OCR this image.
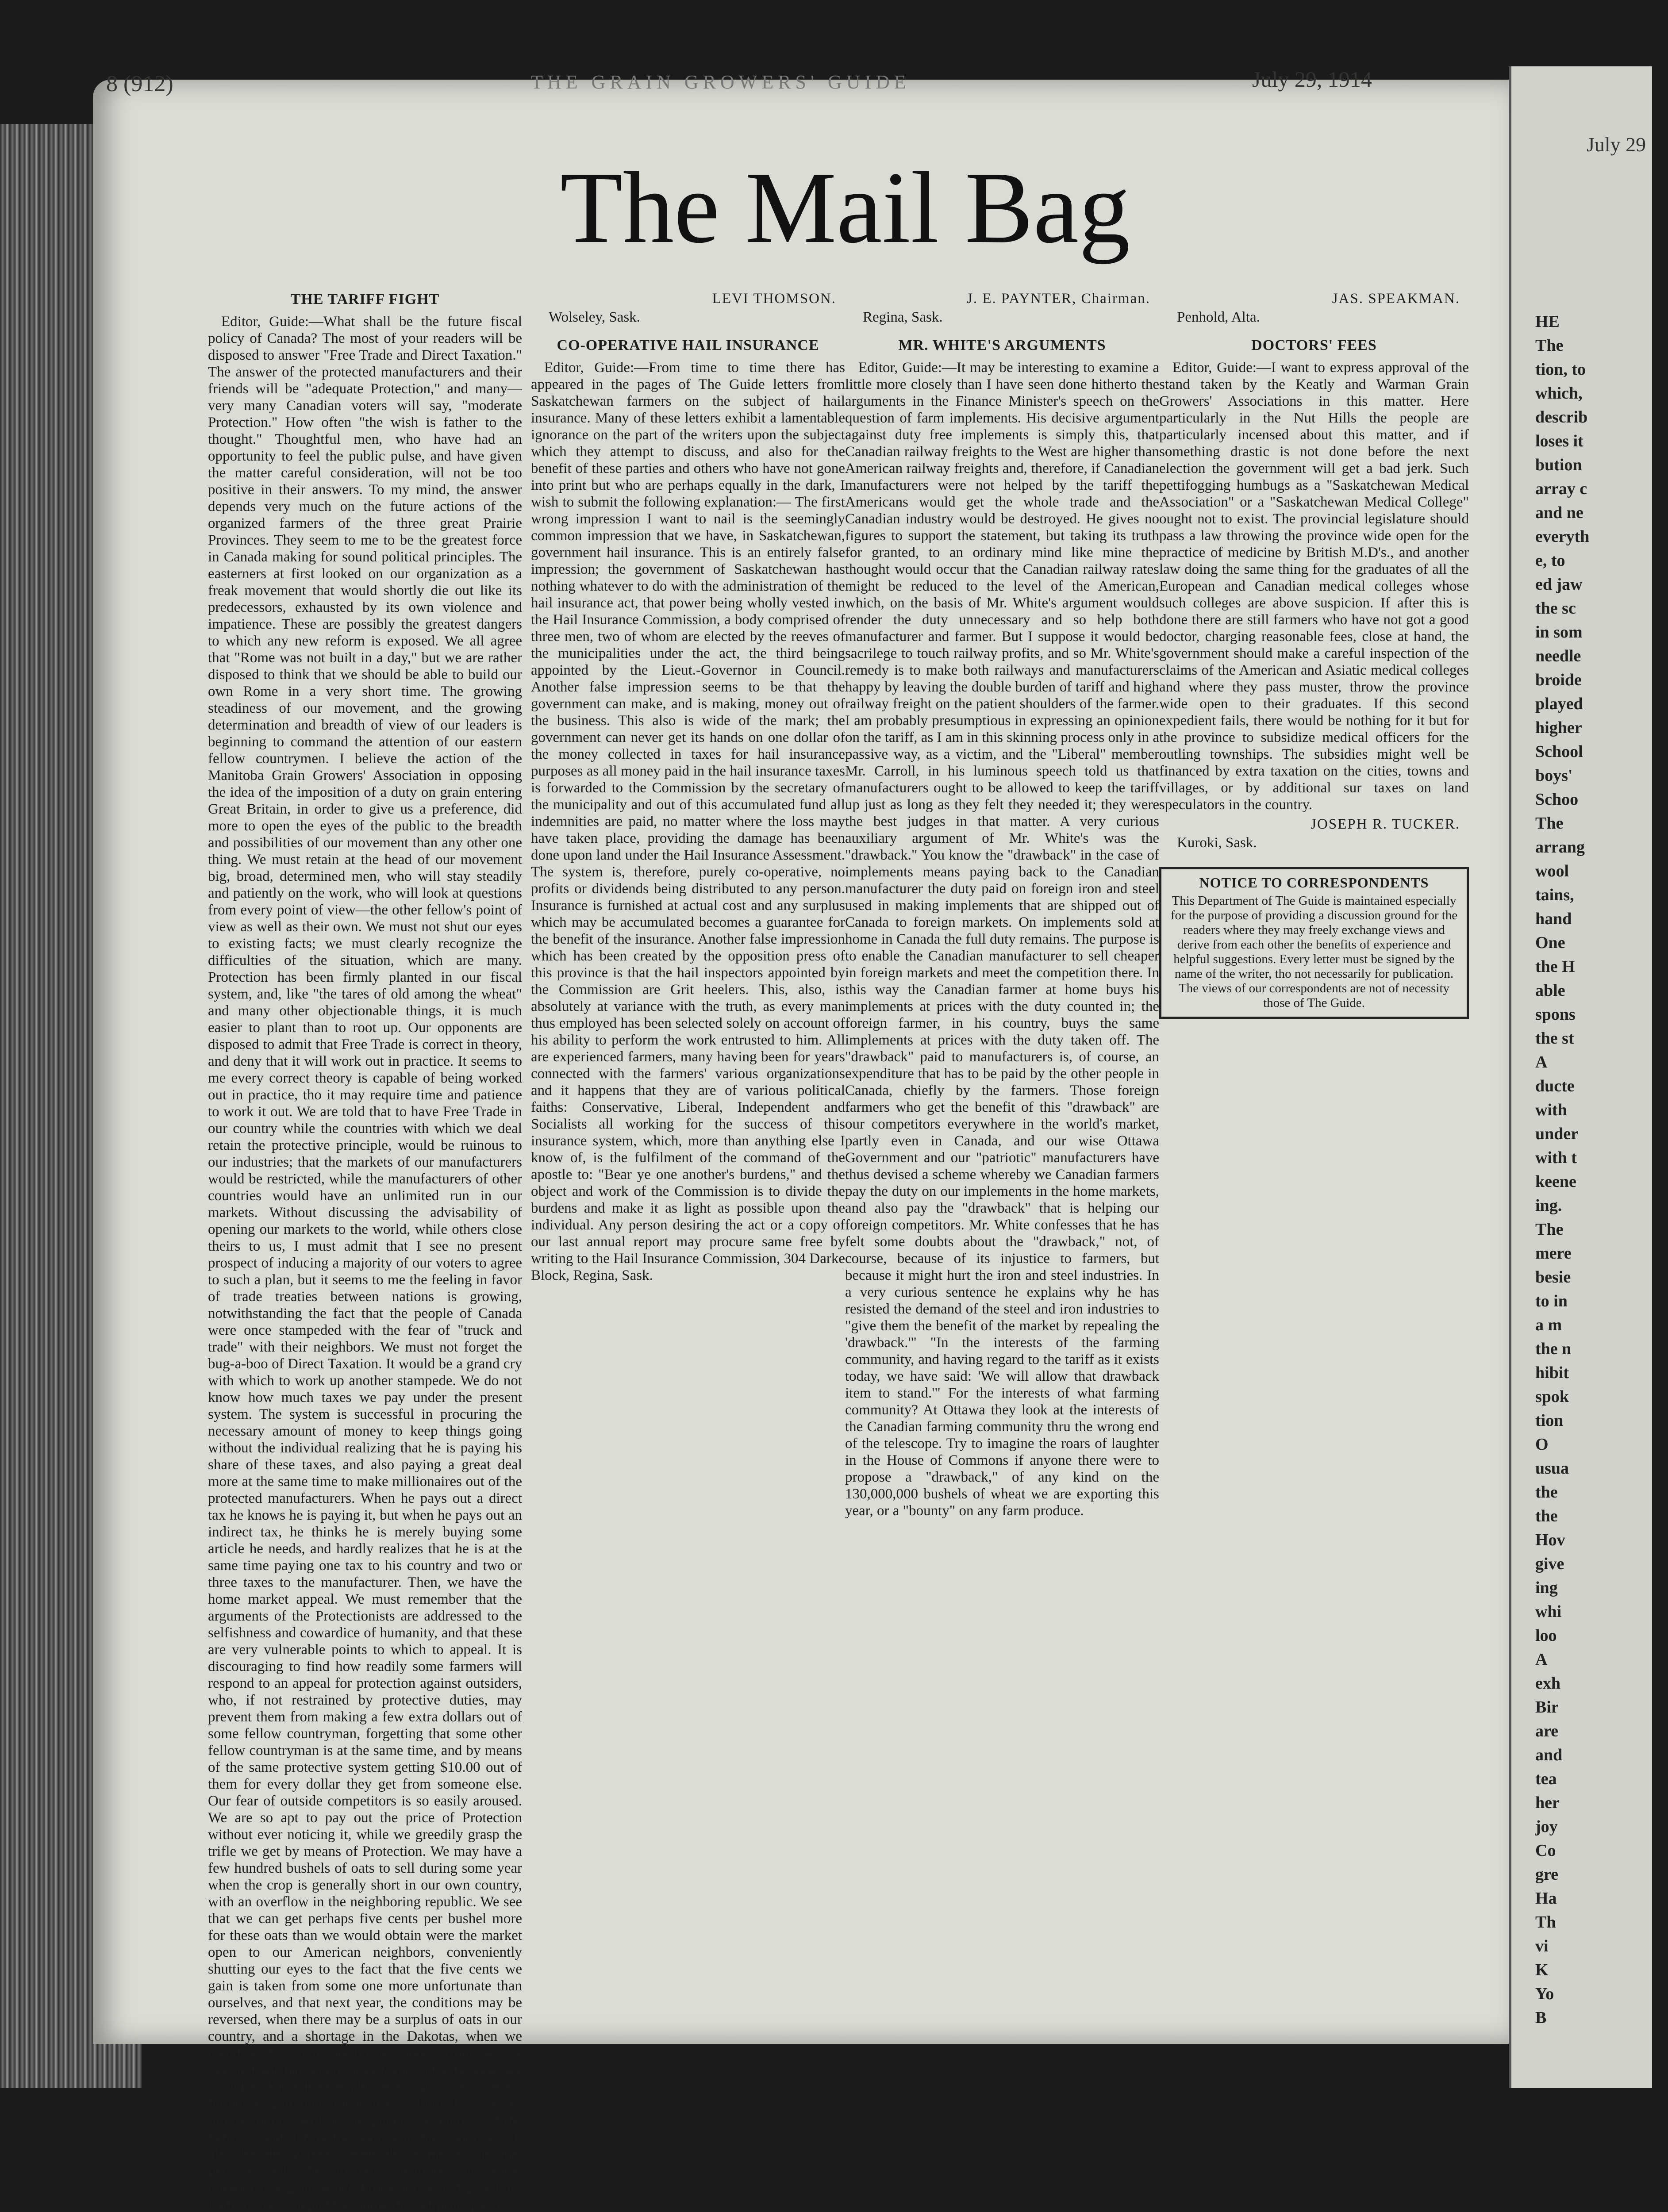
July 29
8 (912)	THE GRAIN GROWERS' GUIDE	July 29, 1914
The Mail Bag
THE TARIFF FIGHT

Editor, Guide:—What shall be the future fiscal policy of Canada? The most of your readers will be disposed to answer "Free Trade and Direct Taxation." The answer of the protected manufacturers and their friends will be "adequate Protection," and many—very many Canadian voters will say, "moderate Protection." How often "the wish is father to the thought." Thoughtful men, who have had an opportunity to feel the public pulse, and have given the matter careful consideration, will not be too positive in their answers. To my mind, the answer depends very much on the future actions of the organized farmers of the three great Prairie Provinces. They seem to me to be the greatest force in Canada making for sound political principles. The easterners at first looked on our organization as a freak movement that would shortly die out like its predecessors, exhausted by its own violence and impatience. These are possibly the greatest dangers to which any new reform is exposed. We all agree that "Rome was not built in a day," but we are rather disposed to think that we should be able to build our own Rome in a very short time. The growing steadiness of our movement, and the growing determination and breadth of view of our leaders is beginning to command the attention of our eastern fellow countrymen. I believe the action of the Manitoba Grain Growers' Association in opposing the idea of the imposition of a duty on grain entering Great Britain, in order to give us a preference, did more to open the eyes of the public to the breadth and possibilities of our movement than any other one thing. We must retain at the head of our movement big, broad, determined men, who will stay steadily and patiently on the work, who will look at questions from every point of view—the other fellow's point of view as well as their own. We must not shut our eyes to existing facts; we must clearly recognize the difficulties of the situation, which are many. Protection has been firmly planted in our fiscal system, and, like "the tares of old among the wheat" and many other objectionable things, it is much easier to plant than to root up. Our opponents are disposed to admit that Free Trade is correct in theory, and deny that it will work out in practice. It seems to me every correct theory is capable of being worked out in practice, tho it may require time and patience to work it out. We are told that to have Free Trade in our country while the countries with which we deal retain the protective principle, would be ruinous to our industries; that the markets of our manufacturers would be restricted, while the manufacturers of other countries would have an unlimited run in our markets. Without discussing the advisability of opening our markets to the world, while others close theirs to us, I must admit that I see no present prospect of inducing a majority of our voters to agree to such a plan, but it seems to me the feeling in favor of trade treaties between nations is growing, notwithstanding the fact that the people of Canada were once stampeded with the fear of "truck and trade" with their neighbors. We must not forget the bug-a-boo of Direct Taxation. It would be a grand cry with which to work up another stampede. We do not know how much taxes we pay under the present system. The system is successful in procuring the necessary amount of money to keep things going without the individual realizing that he is paying his share of these taxes, and also paying a great deal more at the same time to make millionaires out of the protected manufacturers. When he pays out a direct tax he knows he is paying it, but when he pays out an indirect tax, he thinks he is merely buying some article he needs, and hardly realizes that he is at the same time paying one tax to his country and two or three taxes to the manufacturer. Then, we have the home market appeal. We must remember that the arguments of the Protectionists are addressed to the selfishness and cowardice of humanity, and that these are very vulnerable points to which to appeal. It is discouraging to find how readily some farmers will respond to an appeal for protection against outsiders, who, if not restrained by protective duties, may prevent them from making a few extra dollars out of some fellow countryman, forgetting that some other fellow countryman is at the same time, and by means of the same protective system getting $10.00 out of them for every dollar they get from someone else. Our fear of outside competitors is so easily aroused. We are so apt to pay out the price of Protection without ever noticing it, while we greedily grasp the trifle we get by means of Protection. We may have a few hundred bushels of oats to sell during some year when the crop is generally short in our own country, with an overflow in the neighboring republic. We see that we can get perhaps five cents per bushel more for these oats than we would obtain were the market open to our American neighbors, conveniently shutting our eyes to the fact that the five cents we gain is taken from some one more unfortunate than ourselves, and that next year, the conditions may be reversed, when there may be a surplus of oats in our country, and a shortage in the Dakotas, when we could get five cents per bushel more for our oats by having trade barriers removed, and in the fat year, we would probably have ten bushels to gain on for every bushel we gain on in the lean year. In the fat year, we in this country will be the gainers by removal of the barriers, and during the lean year, the majority will also be the gainers, even tho some exceptional persons will be thereby deprived of some questionable gain, which Protection would give him. I am trying to depict the home market principle in its

LEVI THOMSON.
Wolseley, Sask.
CO-OPERATIVE HAIL INSURANCE

Editor, Guide:—From time to time there has appeared in the pages of The Guide letters from Saskatchewan farmers on the subject of hail insurance. Many of these letters exhibit a lamentable ignorance on the part of the writers upon the subject which they attempt to discuss, and also for the benefit of these parties and others who have not gone into print but who are perhaps equally in the dark, I wish to submit the following explanation:— The first wrong impression I want to nail is the seemingly common impression that we have, in Saskatchewan, government hail insurance. This is an entirely false impression; the government of Saskatchewan has nothing whatever to do with the administration of the hail insurance act, that power being wholly vested in the Hail Insurance Commission, a body comprised of three men, two of whom are elected by the reeves of the municipalities under the act, the third being appointed by the Lieut.-Governor in Council. Another false impression seems to be that the government can make, and is making, money out of the business. This also is wide of the mark; the government can never get its hands on one dollar of the money collected in taxes for hail insurance purposes as all money paid in the hail insurance taxes is forwarded to the Commission by the secretary of the municipality and out of this accumulated fund all indemnities are paid, no matter where the loss may have taken place, providing the damage has been done upon land under the Hail Insurance Assessment. The system is, therefore, purely co-operative, no profits or dividends being distributed to any person. Insurance is furnished at actual cost and any surplus which may be accumulated becomes a guarantee for the benefit of the insurance. Another false impression which has been created by the opposition press of this province is that the hail inspectors appointed by the Commission are Grit heelers. This, also, is absolutely at variance with the truth, as every man thus employed has been selected solely on account of his ability to perform the work entrusted to him. All are experienced farmers, many having been for years connected with the farmers' various organizations and it happens that they are of various political faiths: Conservative, Liberal, Independent and Socialists all working for the success of this insurance system, which, more than anything else I know of, is the fulfilment of the command of the apostle to: "Bear ye one another's burdens," and the object and work of the Commission is to divide the burdens and make it as light as possible upon the individual. Any person desiring the act or a copy of our last annual report may procure same free by writing to the Hail Insurance Commission, 304 Darke Block, Regina, Sask.

J. E. PAYNTER, Chairman.
Regina, Sask.
MR. WHITE'S ARGUMENTS

Editor, Guide:—It may be interesting to examine a little more closely than I have seen done hitherto the arguments in the Finance Minister's speech on the question of farm implements. His decisive argument against duty free implements is simply this, that Canadian railway freights to the West are higher than American railway freights and, therefore, if Canadian manufacturers were not helped by the tariff the Americans would get the whole trade and the Canadian industry would be destroyed. He gives no figures to support the statement, but taking its truth for granted, to an ordinary mind like mine the thought would occur that the Canadian railway rates might be reduced to the level of the American, which, on the basis of Mr. White's argument would render the duty unnecessary and so help both manufacturer and farmer. But I suppose it would be sacrilege to touch railway profits, and so Mr. White's remedy is to make both railways and manufacturers happy by leaving the double burden of tariff and high railway freight on the patient shoulders of the farmer. I am probably presumptious in expressing an opinion on the tariff, as I am in this skinning process only in a passive way, as a victim, and the "Liberal" member Mr. Carroll, in his luminous speech told us that manufacturers ought to be allowed to keep the tariff up just as long as they felt they needed it; they were the best judges in that matter. A very curious auxiliary argument of Mr. White's was the "drawback." You know the "drawback" in the case of implements means paying back to the Canadian manufacturer the duty paid on foreign iron and steel used in making implements that are shipped out of Canada to foreign markets. On implements sold at home in Canada the full duty remains. The purpose is to enable the Canadian manufacturer to sell cheaper in foreign markets and meet the competition there. In this way the Canadian farmer at home buys his implements at prices with the duty counted in; the foreign farmer, in his country, buys the same implements at prices with the duty taken off. The "drawback" paid to manufacturers is, of course, an expenditure that has to be paid by the other people in Canada, chiefly by the farmers. Those foreign farmers who get the benefit of this "drawback" are our competitors everywhere in the world's market, partly even in Canada, and our wise Ottawa Government and our "patriotic" manufacturers have thus devised a scheme whereby we Canadian farmers pay the duty on our implements in the home markets, and also pay the "drawback" that is helping our foreign competitors. Mr. White confesses that he has felt some doubts about the "drawback," not, of course, because of its injustice to farmers, but because it might hurt the iron and steel industries. In a very curious sentence he explains why he has resisted the demand of the steel and iron industries to "give them the benefit of the market by repealing the 'drawback.'" "In the interests of the farming community, and having regard to the tariff as it exists today, we have said: 'We will allow that drawback item to stand.'" For the interests of what farming community? At Ottawa they look at the interests of the Canadian farming community thru the wrong end of the telescope. Try to imagine the roars of laughter in the House of Commons if anyone there were to propose a "drawback," of any kind on the 130,000,000 bushels of wheat we are exporting this year, or a "bounty" on any farm produce.

JAS. SPEAKMAN.
Penhold, Alta.
DOCTORS' FEES

Editor, Guide:—I want to express approval of the stand taken by the Keatly and Warman Grain Growers' Associations in this matter. Here particularly in the Nut Hills the people are particularly incensed about this matter, and if something drastic is not done before the next election the government will get a bad jerk. Such pettifogging humbugs as a "Saskatchewan Medical Association" or a "Saskatchewan Medical College" ought not to exist. The provincial legislature should pass a law throwing the province wide open for the practice of medicine by British M.D's., and another law doing the same thing for the graduates of all the European and Canadian medical colleges whose such colleges are above suspicion. If after this is done there are still farmers who have not got a good doctor, charging reasonable fees, close at hand, the government should make a careful inspection of the claims of the American and Asiatic medical colleges and where they pass muster, throw the province wide open to their graduates. If this second expedient fails, there would be nothing for it but for the province to subsidize medical officers for the outling townships. The subsidies might well be financed by extra taxation on the cities, towns and villages, or by additional sur taxes on land speculators in the country.

JOSEPH R. TUCKER.
Kuroki, Sask.
NOTICE TO CORRESPONDENTS
This Department of The Guide is maintained especially for the purpose of providing a discussion ground for the readers where they may freely exchange views and derive from each other the benefits of experience and helpful suggestions. Every letter must be signed by the name of the writer, tho not necessarily for publication. The views of our correspondents are not of necessity those of The Guide.
HE
The
tion, to
which,
describ
loses it
bution
array c
and ne
everyth
e, to
ed jaw
the sc
in som
needle
broide
played
higher
School
boys'
Schoo
The
arrang
wool
tains,
hand
One
the H
able
spons
the st
A
ducte
with
under
with t
keene
ing.
The
mere
besie
to in
a m
the n
hibit
spok
tion
O
usua
the
the
Hov
give
ing
whi
loo
A
exh
Bir
are
and
tea
her
joy
Co
gre
Ha
Th
vi
K
Yo
B
